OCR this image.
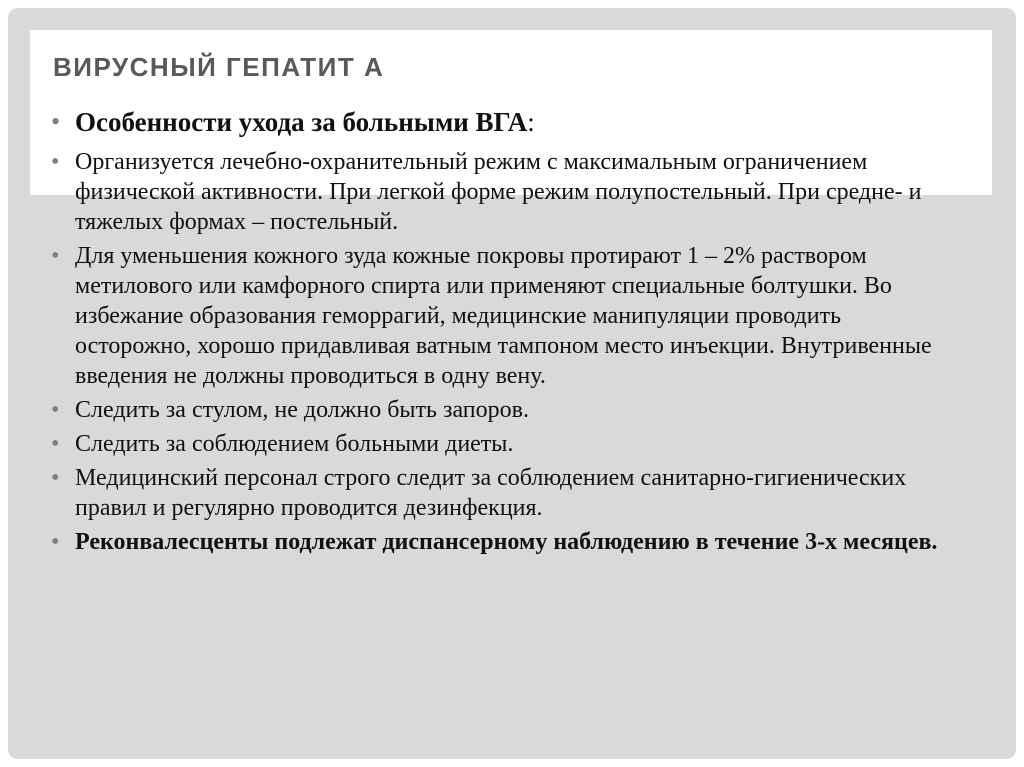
ВИРУСНЫЙ ГЕПАТИТ А
• Особенности ухода за больными ВГА:
• Организуется лечебно-охранительный режим с максимальным ограничением физической активности. При легкой форме режим полупостельный. При средне- и тяжелых формах – постельный.
• Для уменьшения кожного зуда кожные покровы протирают 1 – 2% раствором метилового или камфорного спирта или применяют специальные болтушки. Во избежание образования геморрагий, медицинские манипуляции проводить осторожно, хорошо придавливая ватным тампоном место инъекции. Внутривенные введения не должны проводиться в одну вену.
• Следить за стулом, не должно быть запоров.
• Следить за соблюдением больными диеты.
• Медицинский персонал строго следит за соблюдением санитарно-гигиенических правил и регулярно проводится дезинфекция.
• Реконвалесценты подлежат диспансерному наблюдению в течение 3-х месяцев.
